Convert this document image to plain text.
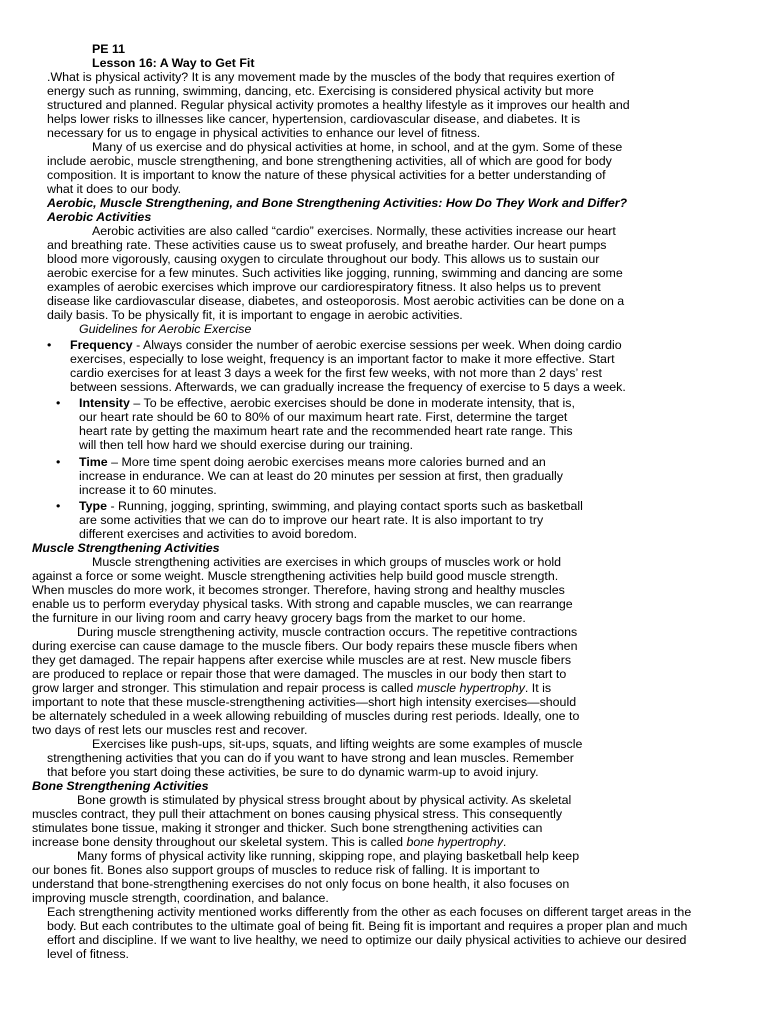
PE 11

Lesson 16: A Way to Get Fit

.What is physical activity? It is any movement made by the muscles of the body that requires exertion of

energy such as running, swimming, dancing, etc. Exercising is considered physical activity but more

structured and planned. Regular physical activity promotes a healthy lifestyle as it improves our health and

helps lower risks to illnesses like cancer, hypertension, cardiovascular disease, and diabetes. It is

necessary for us to engage in physical activities to enhance our level of fitness.

Many of us exercise and do physical activities at home, in school, and at the gym. Some of these

include aerobic, muscle strengthening, and bone strengthening activities, all of which are good for body

composition. It is important to know the nature of these physical activities for a better understanding of

what it does to our body.

Aerobic, Muscle Strengthening, and Bone Strengthening Activities: How Do They Work and Differ?

Aerobic Activities

Aerobic activities are also called “cardio” exercises. Normally, these activities increase our heart

and breathing rate. These activities cause us to sweat profusely, and breathe harder. Our heart pumps

blood more vigorously, causing oxygen to circulate throughout our body. This allows us to sustain our

aerobic exercise for a few minutes. Such activities like jogging, running, swimming and dancing are some

examples of aerobic exercises which improve our cardiorespiratory fitness. It also helps us to prevent

disease like cardiovascular disease, diabetes, and osteoporosis. Most aerobic activities can be done on a

daily basis. To be physically fit, it is important to engage in aerobic activities.

Guidelines for Aerobic Exercise

• Frequency - Always consider the number of aerobic exercise sessions per week. When doing cardio

exercises, especially to lose weight, frequency is an important factor to make it more effective. Start

cardio exercises for at least 3 days a week for the first few weeks, with not more than 2 days’ rest

between sessions. Afterwards, we can gradually increase the frequency of exercise to 5 days a week.

• Intensity – To be effective, aerobic exercises should be done in moderate intensity, that is,

our heart rate should be 60 to 80% of our maximum heart rate. First, determine the target

heart rate by getting the maximum heart rate and the recommended heart rate range. This

will then tell how hard we should exercise during our training.

• Time – More time spent doing aerobic exercises means more calories burned and an

increase in endurance. We can at least do 20 minutes per session at first, then gradually

increase it to 60 minutes.

• Type - Running, jogging, sprinting, swimming, and playing contact sports such as basketball

are some activities that we can do to improve our heart rate. It is also important to try

different exercises and activities to avoid boredom.

Muscle Strengthening Activities

Muscle strengthening activities are exercises in which groups of muscles work or hold

against a force or some weight. Muscle strengthening activities help build good muscle strength.

When muscles do more work, it becomes stronger. Therefore, having strong and healthy muscles

enable us to perform everyday physical tasks. With strong and capable muscles, we can rearrange

the furniture in our living room and carry heavy grocery bags from the market to our home.

During muscle strengthening activity, muscle contraction occurs. The repetitive contractions

during exercise can cause damage to the muscle fibers. Our body repairs these muscle fibers when

they get damaged. The repair happens after exercise while muscles are at rest. New muscle fibers

are produced to replace or repair those that were damaged. The muscles in our body then start to

grow larger and stronger. This stimulation and repair process is called muscle hypertrophy. It is

important to note that these muscle-strengthening activities—short high intensity exercises—should

be alternately scheduled in a week allowing rebuilding of muscles during rest periods. Ideally, one to

two days of rest lets our muscles rest and recover.

Exercises like push-ups, sit-ups, squats, and lifting weights are some examples of muscle

strengthening activities that you can do if you want to have strong and lean muscles. Remember

that before you start doing these activities, be sure to do dynamic warm-up to avoid injury.

Bone Strengthening Activities

Bone growth is stimulated by physical stress brought about by physical activity. As skeletal

muscles contract, they pull their attachment on bones causing physical stress. This consequently

stimulates bone tissue, making it stronger and thicker. Such bone strengthening activities can

increase bone density throughout our skeletal system. This is called bone hypertrophy.

Many forms of physical activity like running, skipping rope, and playing basketball help keep

our bones fit. Bones also support groups of muscles to reduce risk of falling. It is important to

understand that bone-strengthening exercises do not only focus on bone health, it also focuses on

improving muscle strength, coordination, and balance.

Each strengthening activity mentioned works differently from the other as each focuses on different target areas in the

body. But each contributes to the ultimate goal of being fit. Being fit is important and requires a proper plan and much

effort and discipline. If we want to live healthy, we need to optimize our daily physical activities to achieve our desired

level of fitness.
